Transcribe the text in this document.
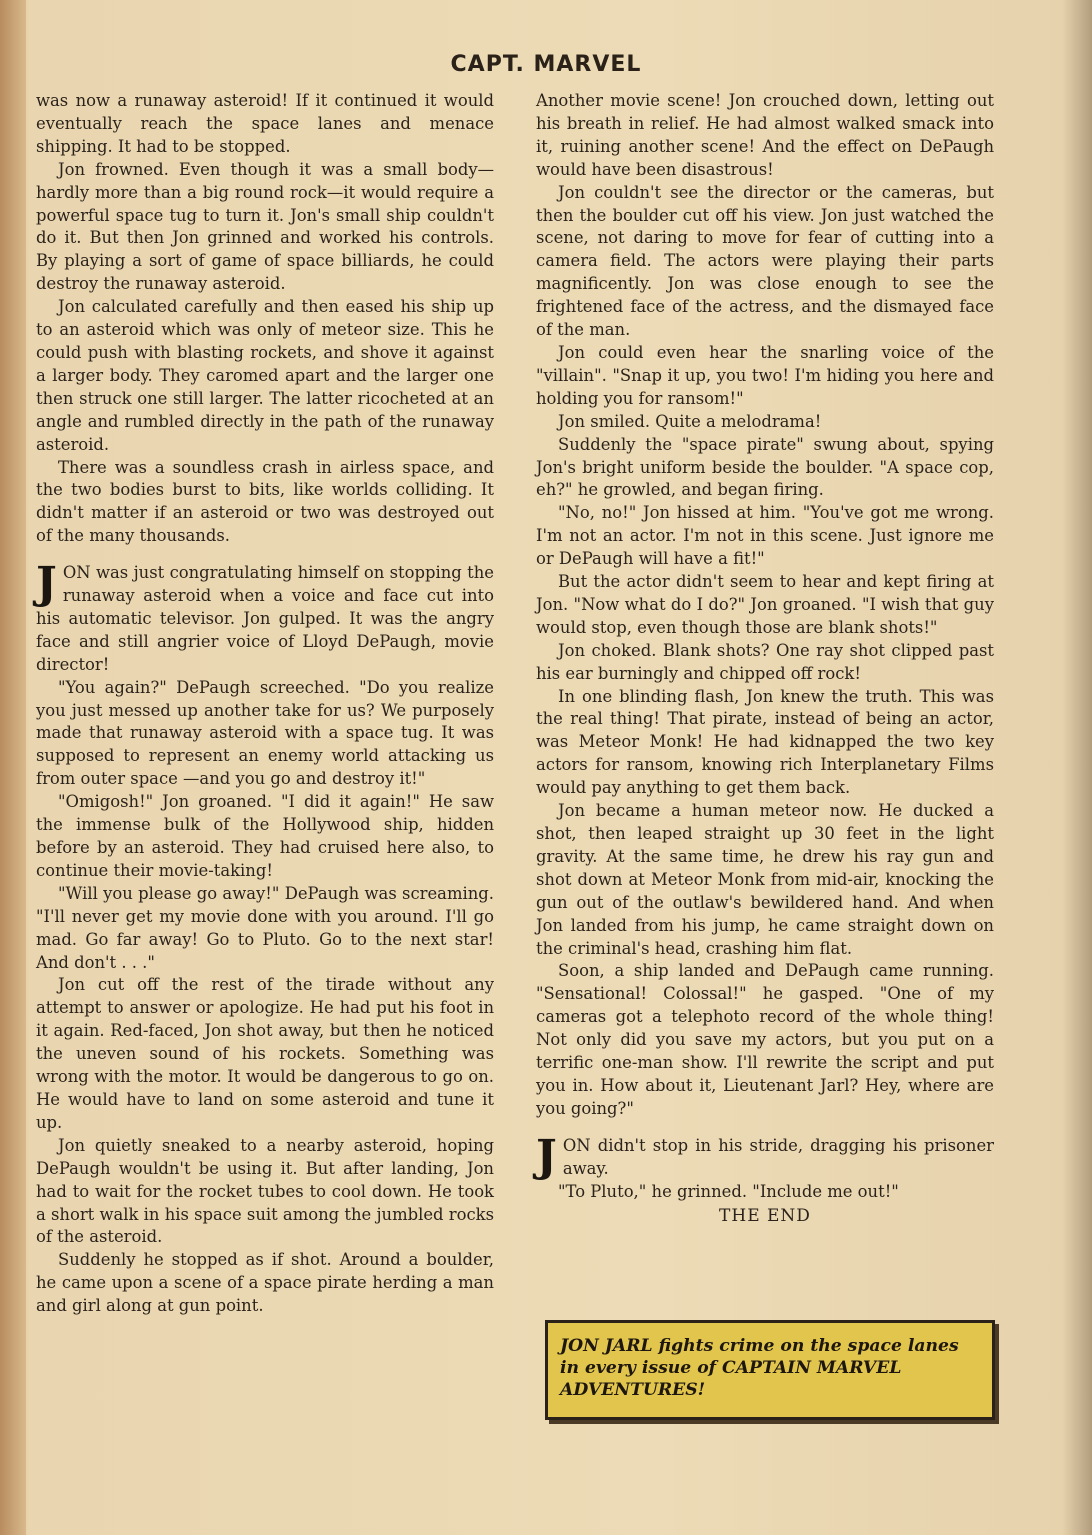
CAPT. MARVEL

was now a runaway asteroid! If it continued it would eventually reach the space lanes and menace shipping. It had to be stopped.

Jon frowned. Even though it was a small body—hardly more than a big round rock—it would require a powerful space tug to turn it. Jon's small ship couldn't do it. But then Jon grinned and worked his controls. By playing a sort of game of space billiards, he could destroy the runaway asteroid.

Jon calculated carefully and then eased his ship up to an asteroid which was only of meteor size. This he could push with blasting rockets, and shove it against a larger body. They caromed apart and the larger one then struck one still larger. The latter ricocheted at an angle and rumbled directly in the path of the runaway asteroid.

There was a soundless crash in airless space, and the two bodies burst to bits, like worlds colliding. It didn't matter if an asteroid or two was destroyed out of the many thousands.

JON was just congratulating himself on stopping the runaway asteroid when a voice and face cut into his automatic televisor. Jon gulped. It was the angry face and still angrier voice of Lloyd DePaugh, movie director!

"You again?" DePaugh screeched. "Do you realize you just messed up another take for us? We purposely made that runaway asteroid with a space tug. It was supposed to represent an enemy world attacking us from outer space —and you go and destroy it!"

"Omigosh!" Jon groaned. "I did it again!" He saw the immense bulk of the Hollywood ship, hidden before by an asteroid. They had cruised here also, to continue their movie-taking!

"Will you please go away!" DePaugh was screaming. "I'll never get my movie done with you around. I'll go mad. Go far away! Go to Pluto. Go to the next star! And don't . . ."

Jon cut off the rest of the tirade without any attempt to answer or apologize. He had put his foot in it again. Red-faced, Jon shot away, but then he noticed the uneven sound of his rockets. Something was wrong with the motor. It would be dangerous to go on. He would have to land on some asteroid and tune it up.

Jon quietly sneaked to a nearby asteroid, hoping DePaugh wouldn't be using it. But after landing, Jon had to wait for the rocket tubes to cool down. He took a short walk in his space suit among the jumbled rocks of the asteroid.

Suddenly he stopped as if shot. Around a boulder, he came upon a scene of a space pirate herding a man and girl along at gun point.

Another movie scene! Jon crouched down, letting out his breath in relief. He had almost walked smack into it, ruining another scene! And the effect on DePaugh would have been disastrous!

Jon couldn't see the director or the cameras, but then the boulder cut off his view. Jon just watched the scene, not daring to move for fear of cutting into a camera field. The actors were playing their parts magnificently. Jon was close enough to see the frightened face of the actress, and the dismayed face of the man.

Jon could even hear the snarling voice of the "villain". "Snap it up, you two! I'm hiding you here and holding you for ransom!"

Jon smiled. Quite a melodrama!

Suddenly the "space pirate" swung about, spying Jon's bright uniform beside the boulder. "A space cop, eh?" he growled, and began firing.

"No, no!" Jon hissed at him. "You've got me wrong. I'm not an actor. I'm not in this scene. Just ignore me or DePaugh will have a fit!"

But the actor didn't seem to hear and kept firing at Jon. "Now what do I do?" Jon groaned. "I wish that guy would stop, even though those are blank shots!"

Jon choked. Blank shots? One ray shot clipped past his ear burningly and chipped off rock!

In one blinding flash, Jon knew the truth. This was the real thing! That pirate, instead of being an actor, was Meteor Monk! He had kidnapped the two key actors for ransom, knowing rich Interplanetary Films would pay anything to get them back.

Jon became a human meteor now. He ducked a shot, then leaped straight up 30 feet in the light gravity. At the same time, he drew his ray gun and shot down at Meteor Monk from mid-air, knocking the gun out of the outlaw's bewildered hand. And when Jon landed from his jump, he came straight down on the criminal's head, crashing him flat.

Soon, a ship landed and DePaugh came running. "Sensational! Colossal!" he gasped. "One of my cameras got a telephoto record of the whole thing! Not only did you save my actors, but you put on a terrific one-man show. I'll rewrite the script and put you in. How about it, Lieutenant Jarl? Hey, where are you going?"

JON didn't stop in his stride, dragging his prisoner away.

"To Pluto," he grinned. "Include me out!"

THE END

JON JARL fights crime on the space lanes in every issue of CAPTAIN MARVEL ADVENTURES!
